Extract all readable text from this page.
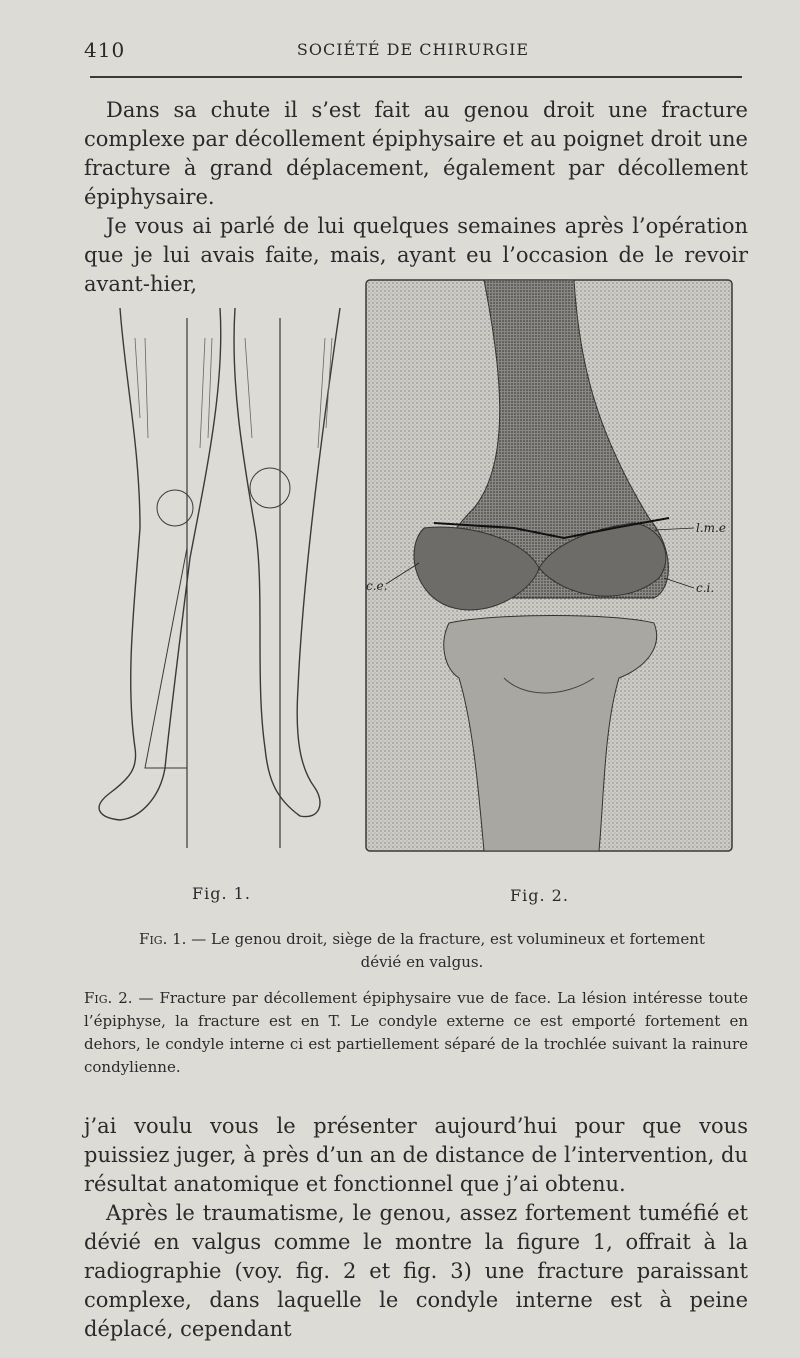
410	SOCIÉTÉ DE CHIRURGIE

Dans sa chute il s’est fait au genou droit une fracture complexe par décollement épiphysaire et au poignet droit une fracture à grand déplacement, également par décollement épiphysaire.

Je vous ai parlé de lui quelques semaines après l’opération que je lui avais faite, mais, ayant eu l’occasion de le revoir avant-hier,

l.m.e
c.e.	c.i.
Fig. 1.	Fig. 2.
Fig. 1. — Le genou droit, siège de la fracture, est volumineux et fortement dévié en valgus.
Fig. 2. — Fracture par décollement épiphysaire vue de face. La lésion intéresse toute l’épiphyse, la fracture est en T. Le condyle externe ce est emporté fortement en dehors, le condyle interne ci est partiellement séparé de la trochlée suivant la rainure condylienne.

j’ai voulu vous le présenter aujourd’hui pour que vous puissiez juger, à près d’un an de distance de l’intervention, du résultat anatomique et fonctionnel que j’ai obtenu.

Après le traumatisme, le genou, assez fortement tuméfié et dévié en valgus comme le montre la figure 1, offrait à la radiographie (voy. fig. 2 et fig. 3) une fracture paraissant complexe, dans laquelle le condyle interne est à peine déplacé, cependant
